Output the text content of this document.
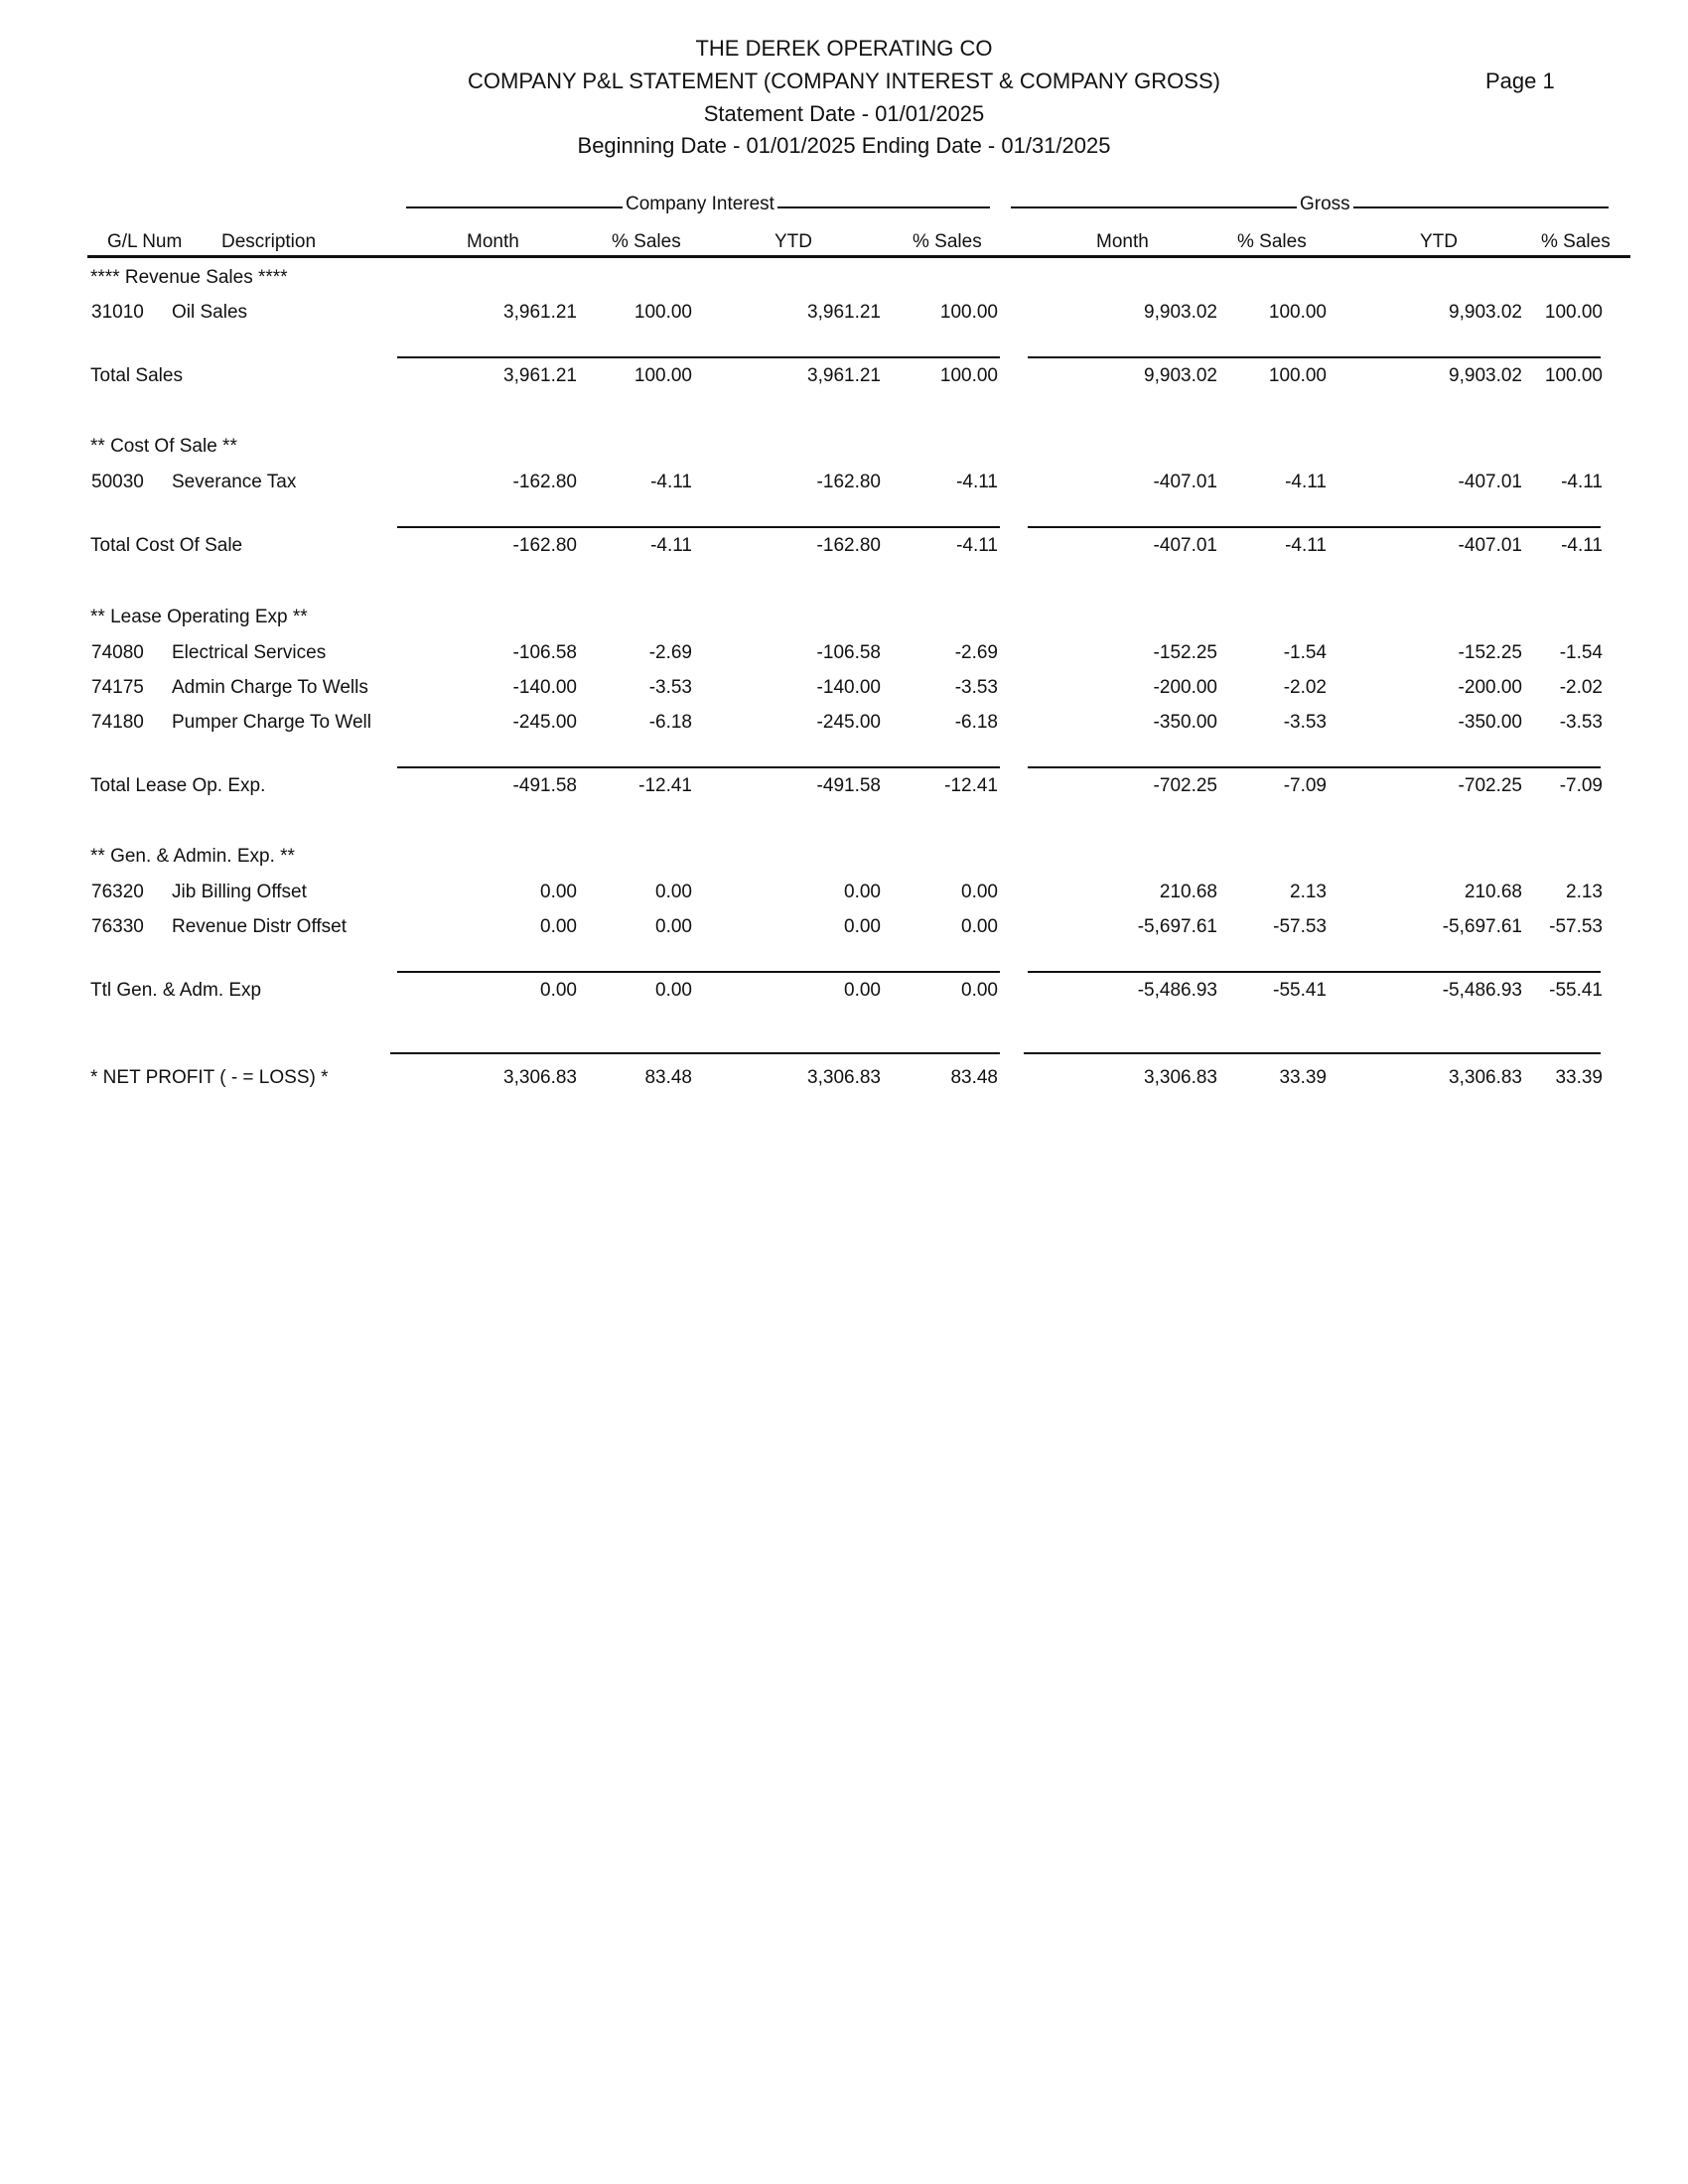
THE DEREK OPERATING CO
COMPANY P&L STATEMENT (COMPANY INTEREST & COMPANY GROSS)
Statement Date - 01/01/2025
Beginning Date - 01/01/2025 Ending Date - 01/31/2025
Page 1
Company Interest	Gross
G/L Num Description	Month	% Sales	YTD	% Sales	Month	% Sales	YTD	% Sales
**** Revenue Sales ****
31010 Oil Sales	3,961.21	100.00	3,961.21	100.00	9,903.02	100.00	9,903.02	100.00
Total Sales	3,961.21	100.00	3,961.21	100.00	9,903.02	100.00	9,903.02	100.00
** Cost Of Sale **
50030 Severance Tax	-162.80	-4.11	-162.80	-4.11	-407.01	-4.11	-407.01	-4.11
Total Cost Of Sale	-162.80	-4.11	-162.80	-4.11	-407.01	-4.11	-407.01	-4.11
** Lease Operating Exp **
74080 Electrical Services	-106.58	-2.69	-106.58	-2.69	-152.25	-1.54	-152.25	-1.54
74175 Admin Charge To Wells	-140.00	-3.53	-140.00	-3.53	-200.00	-2.02	-200.00	-2.02
74180 Pumper Charge To Well	-245.00	-6.18	-245.00	-6.18	-350.00	-3.53	-350.00	-3.53
Total Lease Op. Exp.	-491.58	-12.41	-491.58	-12.41	-702.25	-7.09	-702.25	-7.09
** Gen. & Admin. Exp. **
76320 Jib Billing Offset	0.00	0.00	0.00	0.00	210.68	2.13	210.68	2.13
76330 Revenue Distr Offset	0.00	0.00	0.00	0.00	-5,697.61	-57.53	-5,697.61	-57.53
Ttl Gen. & Adm. Exp	0.00	0.00	0.00	0.00	-5,486.93	-55.41	-5,486.93	-55.41
* NET PROFIT ( - = LOSS) *	3,306.83	83.48	3,306.83	83.48	3,306.83	33.39	3,306.83	33.39
